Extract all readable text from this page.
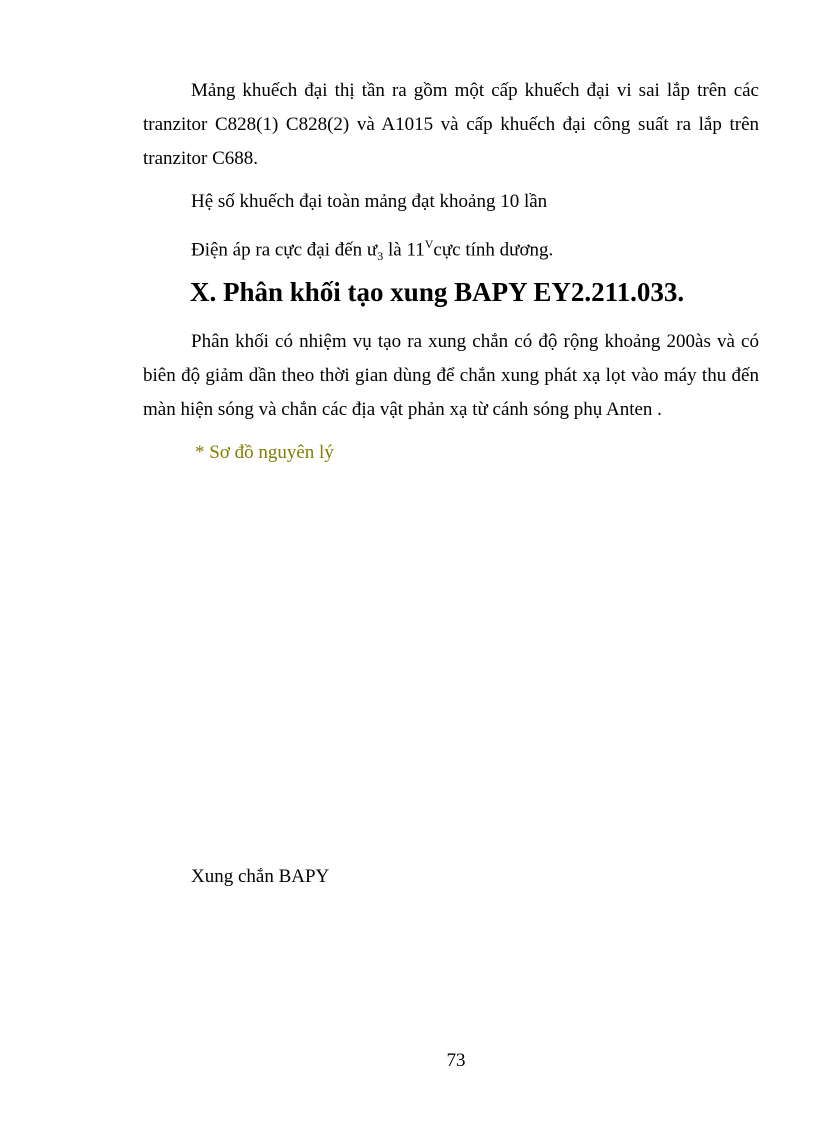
Mảng khuếch đại thị tần ra gồm một cấp khuếch đại vi sai lắp trên các tranzitor C828(1) C828(2) và A1015 và cấp khuếch đại công suất ra lắp trên tranzitor C688.

Hệ số khuếch đại toàn mảng đạt khoảng 10 lần

Điện áp ra cực đại đến $ư_3$ là $11^Vcực$ tính dương.

X. Phân khối tạo xung BAPY EY2.211.033.

Phân khối có nhiệm vụ tạo ra xung chắn có độ rộng khoảng 200às và có biên độ giảm dần theo thời gian dùng để chắn xung phát xạ lọt vào máy thu đến màn hiện sóng và chắn các địa vật phản xạ từ cánh sóng phụ Anten .

* Sơ đồ nguyên lý

Xung chắn BAPY

73
